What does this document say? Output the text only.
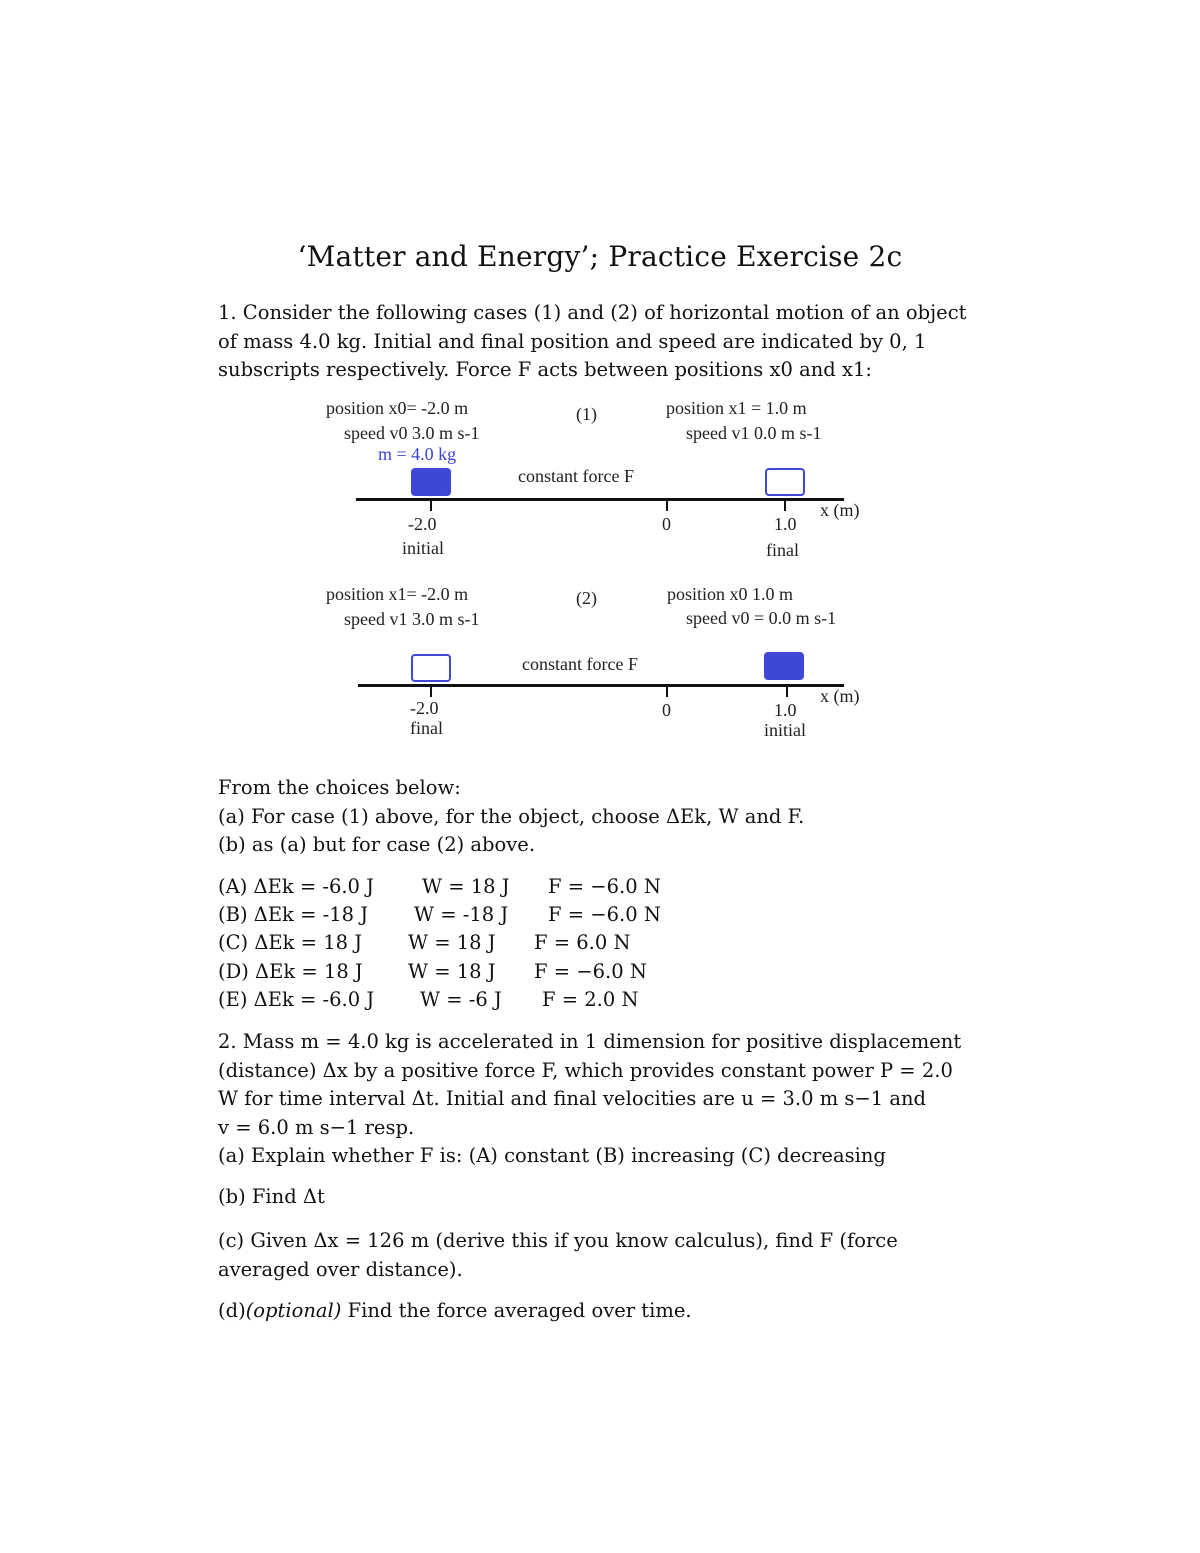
‘Matter and Energy’; Practice Exercise 2c
1. Consider the following cases (1) and (2) of horizontal motion of an object
of mass 4.0 kg. Initial and final position and speed are indicated by 0, 1
subscripts respectively. Force F acts between positions x0 and x1:
position x0= -2.0 m
speed v0 3.0 m s-1
m = 4.0 kg
(1)	position x1 = 1.0 m
speed v1 0.0 m s-1
constant force F
-2.0	0	1.0
x (m)
initial	final
position x1= -2.0 m
speed v1 3.0 m s-1
(2)	position x0 1.0 m
speed v0 = 0.0 m s-1
constant force F
-2.0	0	1.0
x (m)
final	initial
From the choices below:
(a) For case (1) above, for the object, choose ΔEk, W and F.
(b) as (a) but for case (2) above.
(A) ΔEk = -6.0 J W = 18 J F = −6.0 N
(B) ΔEk = -18 J W = -18 J F = −6.0 N
(C) ΔEk = 18 J W = 18 J F = 6.0 N
(D) ΔEk = 18 J W = 18 J F = −6.0 N
(E) ΔEk = -6.0 J W = -6 J F = 2.0 N
2. Mass m = 4.0 kg is accelerated in 1 dimension for positive displacement
(distance) Δx by a positive force F, which provides constant power P = 2.0
W for time interval Δt. Initial and final velocities are u = 3.0 m s−1 and
v = 6.0 m s−1 resp.
(a) Explain whether F is: (A) constant (B) increasing (C) decreasing
(b) Find Δt
(c) Given Δx = 126 m (derive this if you know calculus), find F (force
averaged over distance).
(d)(optional) Find the force averaged over time.
